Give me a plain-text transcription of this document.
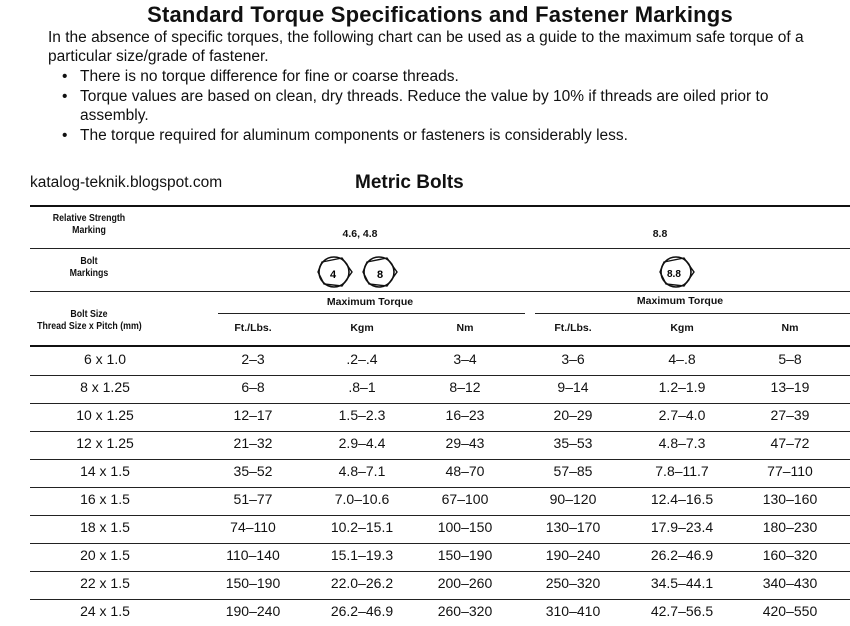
Standard Torque Specifications and Fastener Markings
In the absence of specific torques, the following chart can be used as a guide to the maximum safe torque of a particular size/grade of fastener.
• There is no torque difference for fine or coarse threads.
• Torque values are based on clean, dry threads. Reduce the value by 10% if threads are oiled prior to assembly.
• The torque required for aluminum components or fasteners is considerably less.
katalog-teknik.blogspot.com	Metric Bolts
Relative Strength
Marking	4.6, 4.8	8.8
Bolt
Markings	4	8	8.8
Bolt Size
Thread Size x Pitch (mm)
Maximum Torque	Maximum Torque
Ft./Lbs.	Kgm	Nm	Ft./Lbs.	Kgm	Nm
6 x 1.0	2–3	.2–.4	3–4	3–6	4–.8	5–8
8 x 1.25	6–8	.8–1	8–12	9–14	1.2–1.9	13–19
10 x 1.25	12–17	1.5–2.3	16–23	20–29	2.7–4.0	27–39
12 x 1.25	21–32	2.9–4.4	29–43	35–53	4.8–7.3	47–72
14 x 1.5	35–52	4.8–7.1	48–70	57–85	7.8–11.7	77–110
16 x 1.5	51–77	7.0–10.6	67–100	90–120	12.4–16.5	130–160
18 x 1.5	74–110	10.2–15.1	100–150	130–170	17.9–23.4	180–230
20 x 1.5	110–140	15.1–19.3	150–190	190–240	26.2–46.9	160–320
22 x 1.5	150–190	22.0–26.2	200–260	250–320	34.5–44.1	340–430
24 x 1.5	190–240	26.2–46.9	260–320	310–410	42.7–56.5	420–550
